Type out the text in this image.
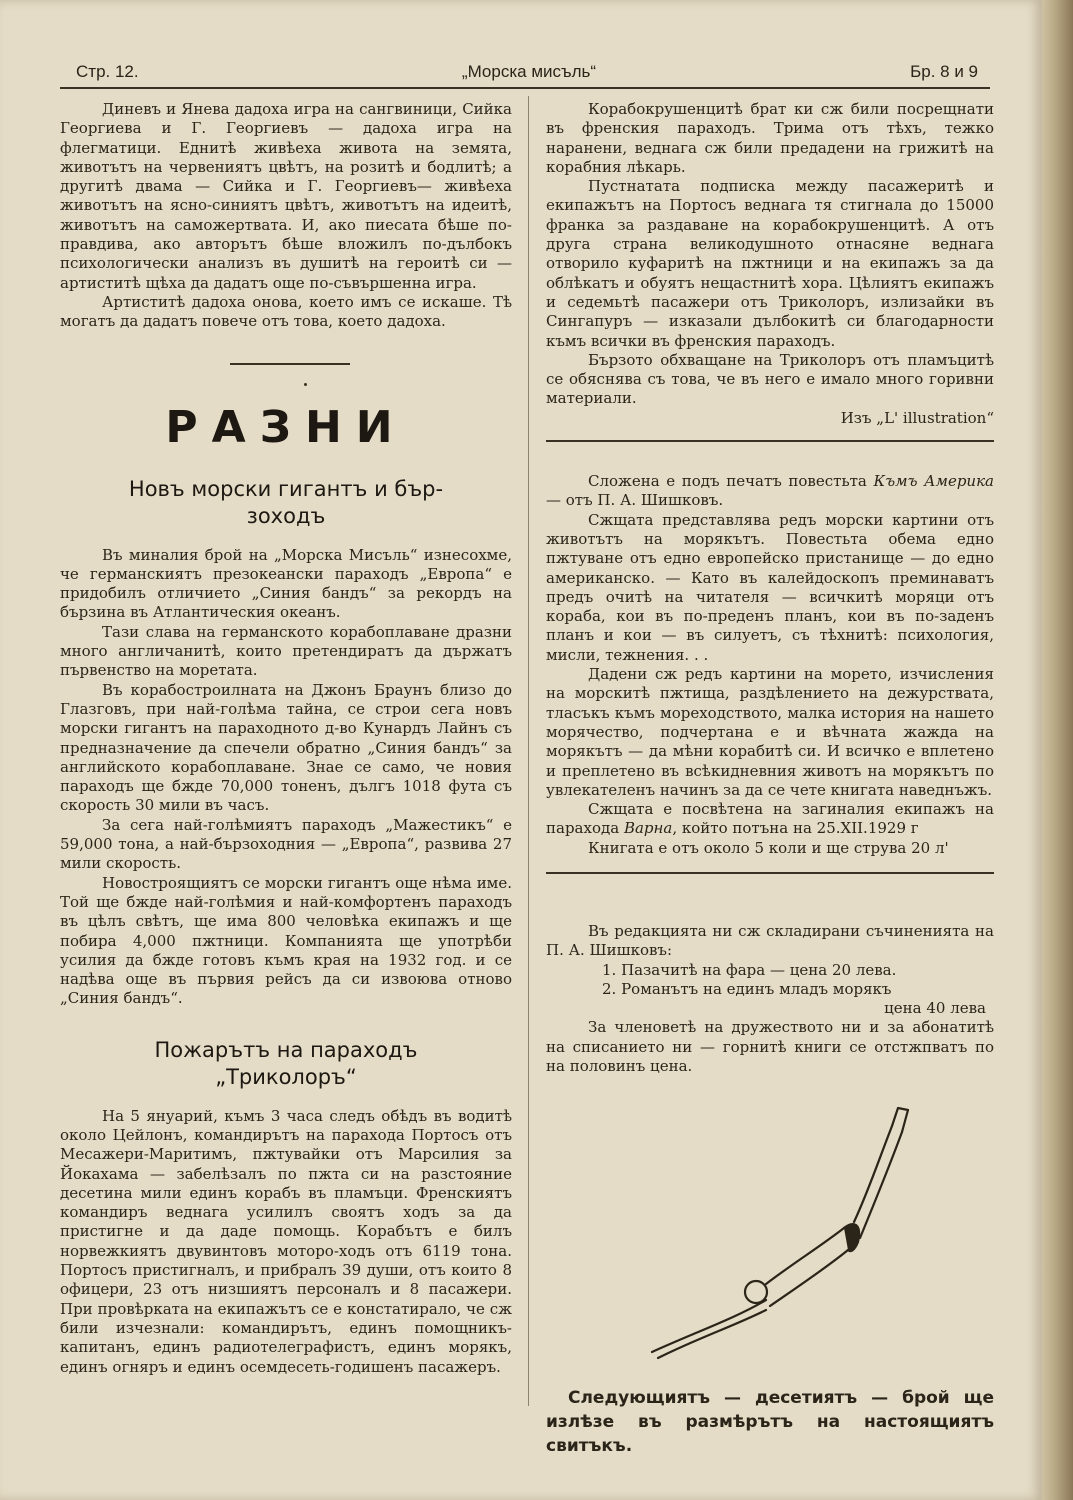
Стр. 12.	„Морска мисъль“	Бр. 8 и 9

Диневъ и Янева дадоха игра на сангвиници, Сийка Георгиева и Г. Георгиевъ — дадоха игра на флегматици. Еднитѣ живѣеха живота на земята, животътъ на червениятъ цвѣтъ, на розитѣ и бодлитѣ; а другитѣ двама — Сийка и Г. Георгиевъ— живѣеха животътъ на ясно-синиятъ цвѣтъ, животътъ на идеитѣ, животътъ на саможертвата. И, ако пиесата бѣше по-правдива, ако авторътъ бѣше вложилъ по-дълбокъ психологически анализъ въ душитѣ на героитѣ си — артиститѣ щѣха да дадатъ още по-съвършенна игра.

Артиститѣ дадоха онова, което имъ се искаше. Тѣ могатъ да дадатъ повече отъ това, което дадоха.

РАЗНИ
Новъ морски гигантъ и бър-
зоходъ

Въ миналия брой на „Морска Мисъль“ изнесохме, че германскиятъ презокеански параходъ „Европа“ е придобилъ отличието „Синия бандъ“ за рекордъ на бързина въ Атлантическия океанъ.

Тази слава на германското корабоплаване дразни много англичанитѣ, които претендиратъ да държатъ първенство на моретата.

Въ корабостроилната на Джонъ Браунъ близо до Глазговъ, при най-голѣма тайна, се строи сега новъ морски гигантъ на параходното д-во Кунардъ Лайнъ съ предназначение да спечели обратно „Синия бандъ“ за английското корабоплаване. Знае се само, че новия параходъ ще бжде 70,000 тоненъ, дългъ 1018 фута съ скорость 30 мили въ часъ.

За сега най-голѣмиятъ параходъ „Мажестикъ“ е 59,000 тона, а най-бързоходния — „Европа“, развива 27 мили скорость.

Новостроящиятъ се морски гигантъ още нѣма име. Той ще бжде най-голѣмия и най-комфортенъ параходъ въ цѣлъ свѣтъ, ще има 800 человѣка екипажъ и ще побира 4,000 пжтници. Компанията ще употрѣби усилия да бжде готовъ къмъ края на 1932 год. и се надѣва още въ първия рейсъ да си извоюва отново „Синия бандъ“.

Пожарътъ на параходъ
„Триколоръ“

На 5 януарий, къмъ 3 часа следъ обѣдъ въ водитѣ около Цейлонъ, командирътъ на парахода Портосъ отъ Месажери-Маритимъ, пжтувайки отъ Марсилия за Йокахама — забелѣзалъ по пжта си на разстояние десетина мили единъ корабъ въ пламъци. Френскиятъ командиръ веднага усилилъ своятъ ходъ за да пристигне и да даде помощь. Корабътъ е билъ норвежкиятъ двувинтовъ моторо-ходъ отъ 6119 тона. Портосъ пристигналъ, и прибралъ 39 души, отъ които 8 офицери, 23 отъ низшиятъ персоналъ и 8 пасажери. При провѣрката на екипажътъ се е констатирало, че сж били изчезнали: командирътъ, единъ помощникъ-капитанъ, единъ радиотелеграфистъ, единъ морякъ, единъ огняръ и единъ осемдесеть-годишенъ пасажеръ.

Корабокрушенцитѣ брат ки сж били посрещнати въ френския параходъ. Трима отъ тѣхъ, тежко наранени, веднага сж били предадени на грижитѣ на корабния лѣкарь.

Пустнатата подписка между пасажеритѣ и екипажътъ на Портосъ веднага тя стигнала до 15000 франка за раздаване на корабокрушенцитѣ. А отъ друга страна великодушното отнасяне веднага отворило куфаритѣ на пжтници и на екипажъ за да облѣкатъ и обуятъ нещастнитѣ хора. Цѣлиятъ екипажъ и седемьтѣ пасажери отъ Триколоръ, излизайки въ Сингапуръ — изказали дълбокитѣ си благодарности къмъ всички въ френския параходъ.

Бързото обхващане на Триколоръ отъ пламъцитѣ се обяснява съ това, че въ него е имало много горивни материали.

Изъ „L' illustration“

Сложена е подъ печатъ повестьта Къмъ Америка — отъ П. А. Шишковъ.

Сжщата представлява редъ морски картини отъ животътъ на морякътъ. Повестьта обема едно пжтуване отъ едно европейско пристанище — до едно американско. — Като въ калейдоскопъ преминаватъ предъ очитѣ на читателя — всичкитѣ моряци отъ кораба, кои въ по-преденъ планъ, кои въ по-заденъ планъ и кои — въ силуетъ, съ тѣхнитѣ: психология, мисли, тежнения. . .

Дадени сж редъ картини на морето, изчисления на морскитѣ пжтища, раздѣлението на дежурствата, тласъкъ къмъ мореходството, малка история на нашето морячество, подчертана е и вѣчната жажда на морякътъ — да мѣни корабитѣ си. И всичко е вплетено и преплетено въ всѣкидневния животъ на морякътъ по увлекателенъ начинъ за да се чете книгата наведнъжъ.

Сжщата е посвѣтена на загиналия екипажъ на парахода Варна, който потъна на 25.XII.1929 г

Книгата е отъ около 5 коли и ще струва 20 л'

Въ редакцията ни сж складирани съчиненията на П. А. Шишковъ:

1. Пазачитѣ на фара — цена 20 лева.

2. Романътъ на единъ младъ морякъ

цена 40 лева

За членоветѣ на дружеството ни и за абонатитѣ на списанието ни — горнитѣ книги се отстжпватъ по на половинъ цена.

Следующиятъ — десетиятъ — брой ще излѣзе въ размѣрътъ на настоящиятъ свитъкъ.
